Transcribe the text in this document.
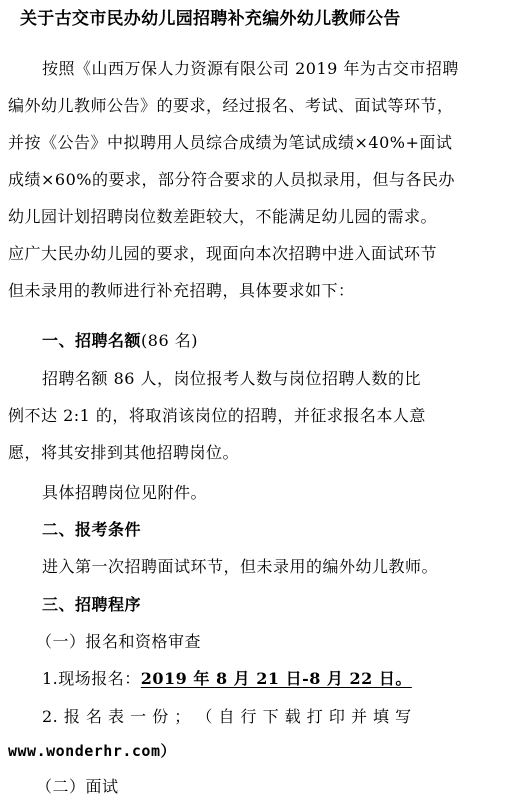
关于古交市民办幼儿园招聘补充编外幼儿教师公告
按照《山西万保人力资源有限公司 2019 年为古交市招聘
编外幼儿教师公告》的要求，经过报名、考试、面试等环节，
并按《公告》中拟聘用人员综合成绩为笔试成绩×40%+面试
成绩×60%的要求，部分符合要求的人员拟录用，但与各民办
幼儿园计划招聘岗位数差距较大，不能满足幼儿园的需求。
应广大民办幼儿园的要求，现面向本次招聘中进入面试环节
但未录用的教师进行补充招聘，具体要求如下：
一、招聘名额(86 名)
招聘名额 86 人，岗位报考人数与岗位招聘人数的比
例不达 2:1 的，将取消该岗位的招聘，并征求报名本人意
愿，将其安排到其他招聘岗位。
具体招聘岗位见附件。
二、报考条件
进入第一次招聘面试环节，但未录用的编外幼儿教师。
三、招聘程序
（一）报名和资格审查
1.现场报名：2019 年 8 月 21 日-8 月 22 日。
2. 报 名 表 一 份 ； （ 自 行 下 载 打 印 并 填 写
www.wonderhr.com）
（二）面试
